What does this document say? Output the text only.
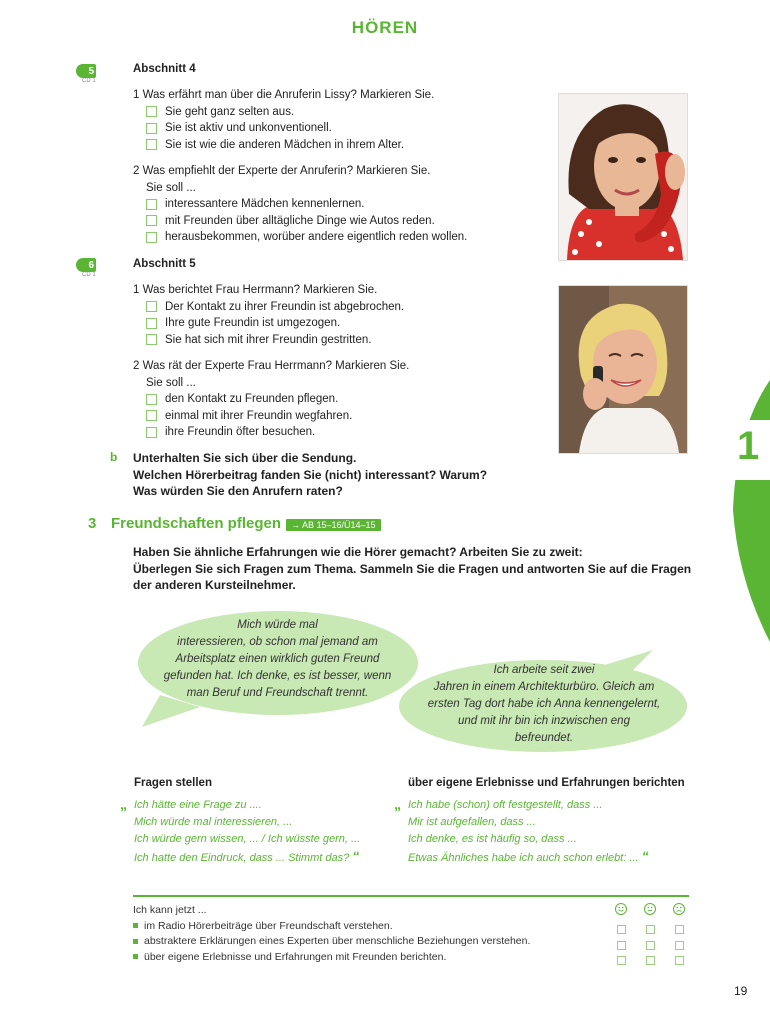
HÖREN
5
CD 1
Abschnitt 4
1 Was erfährt man über die Anruferin Lissy? Markieren Sie.
Sie geht ganz selten aus.
Sie ist aktiv und unkonventionell.
Sie ist wie die anderen Mädchen in ihrem Alter.
2 Was empfiehlt der Experte der Anruferin? Markieren Sie.
Sie soll ...
interessantere Mädchen kennenlernen.
mit Freunden über alltägliche Dinge wie Autos reden.
herausbekommen, worüber andere eigentlich reden wollen.
6
CD 1
Abschnitt 5
1 Was berichtet Frau Herrmann? Markieren Sie.
Der Kontakt zu ihrer Freundin ist abgebrochen.
Ihre gute Freundin ist umgezogen.
Sie hat sich mit ihrer Freundin gestritten.
2 Was rät der Experte Frau Herrmann? Markieren Sie.
Sie soll ...
den Kontakt zu Freunden pflegen.
einmal mit ihrer Freundin wegfahren.
ihre Freundin öfter besuchen.
b Unterhalten Sie sich über die Sendung.
Welchen Hörerbeitrag fanden Sie (nicht) interessant? Warum?
Was würden Sie den Anrufern raten?
3 Freundschaften pflegen	→ AB 15–16/Ü14–15
Haben Sie ähnliche Erfahrungen wie die Hörer gemacht? Arbeiten Sie zu zweit:
Überlegen Sie sich Fragen zum Thema. Sammeln Sie die Fragen und antworten Sie auf die Fragen
der anderen Kursteilnehmer.
Mich würde mal
interessieren, ob schon mal jemand am
Arbeitsplatz einen wirklich guten Freund
gefunden hat. Ich denke, es ist besser, wenn
man Beruf und Freundschaft trennt.
Ich arbeite seit zwei
Jahren in einem Architekturbüro. Gleich am
ersten Tag dort habe ich Anna kennengelernt,
und mit ihr bin ich inzwischen eng
befreundet.
Fragen stellen
„ Ich hätte eine Frage zu ....
Mich würde mal interessieren, ...
Ich würde gern wissen, ... / Ich wüsste gern, ...
Ich hatte den Eindruck, dass ... Stimmt das? “
über eigene Erlebnisse und Erfahrungen berichten
„ Ich habe (schon) oft festgestellt, dass ...
Mir ist aufgefallen, dass ...
Ich denke, es ist häufig so, dass ...
Etwas Ähnliches habe ich auch schon erlebt: ... “
Ich kann jetzt ...
im Radio Hörerbeiträge über Freundschaft verstehen.
abstraktere Erklärungen eines Experten über menschliche Beziehungen verstehen.
über eigene Erlebnisse und Erfahrungen mit Freunden berichten.
1
19
